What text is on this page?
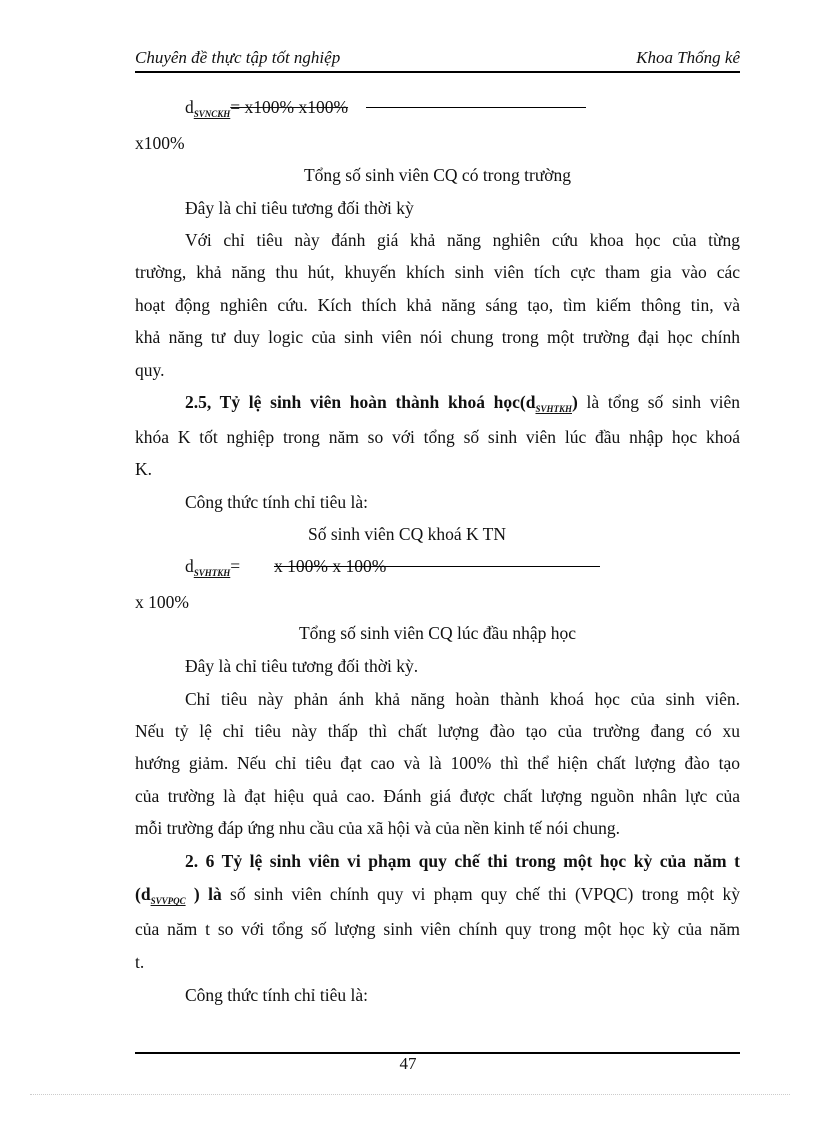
Chuyên đề thực tập tốt nghiệp	Khoa Thống kê
$d_{SVNCKH}= x100\%$ x100%
x100%
Tổng số sinh viên CQ có trong trường
Đây là chỉ tiêu tương đối thời kỳ
Với chỉ tiêu này đánh giá khả năng nghiên cứu khoa học của từng
trường, khả năng thu hút, khuyến khích sinh viên tích cực tham gia vào các
hoạt động nghiên cứu. Kích thích khả năng sáng tạo, tìm kiếm thông tin, và
khả năng tư duy logic của sinh viên nói chung trong một trường đại học chính
quy.
2.5, Tỷ lệ sinh viên hoàn thành khoá $học(d_{SVHTKH})$ là tổng số sinh viên
khóa K tốt nghiệp trong năm so với tổng số sinh viên lúc đầu nhập học khoá
K.
Công thức tính chỉ tiêu là:
Số sinh viên CQ khoá K TN
$d_{SVHTKH}= x$ 100% x 100%
x 100%
Tổng số sinh viên CQ lúc đầu nhập học
Đây là chỉ tiêu tương đối thời kỳ.
Chỉ tiêu này phản ánh khả năng hoàn thành khoá học của sinh viên.
Nếu tỷ lệ chỉ tiêu này thấp thì chất lượng đào tạo của trường đang có xu
hướng giảm. Nếu chỉ tiêu đạt cao và là 100% thì thể hiện chất lượng đào tạo
của trường là đạt hiệu quả cao. Đánh giá được chất lượng nguồn nhân lực của
mỗi trường đáp ứng nhu cầu của xã hội và của nền kinh tế nói chung.
2. 6 Tỷ lệ sinh viên vi phạm quy chế thi trong một học kỳ của năm t
($d_{SVVPQC}$ ) là số sinh viên chính quy vi phạm quy chế thi (VPQC) trong một kỳ
của năm t so với tổng số lượng sinh viên chính quy trong một học kỳ của năm
t.
Công thức tính chỉ tiêu là:
47
